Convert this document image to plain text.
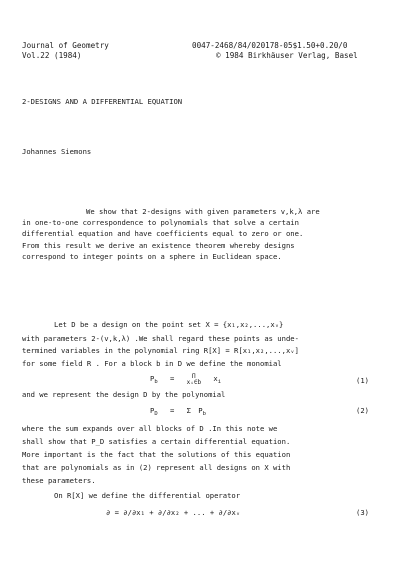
Journal of Geometry
Vol.22 (1984)
0047-2468/84/020178-05$1.50+0.20/0
© 1984 Birkhäuser Verlag, Basel
2-DESIGNS AND A DIFFERENTIAL EQUATION
Johannes Siemons
We show that 2-designs with given parameters v,k,λ are
in one-to-one correspondence to polynomials that solve a certain
differential equation and have coefficients equal to zero or one.
From this result we derive an existence theorem whereby designs
correspond to integer points on a sphere in Euclidean space.
Let D be a design on the point set X = {x₁,x₂,...,xᵥ}
with parameters 2-(v,k,λ) .We shall regard these points as unde-
termined variables in the polynomial ring R[X] = R[x₁,x₂,...,xᵥ]
for some field R . For a block b in D we define the monomial
$P_b$ =	Π
xᵢ∈b $x_i$	(1)
and we represent the design D by the polynomial
$P_D = \Sigma$ $P_b$	(2)
where the sum expands over all blocks of D .In this note we
shall show that P_D satisfies a certain differential equation.
More important is the fact that the solutions of this equation
that are polynomials as in (2) represent all designs on X with
these parameters.
On R[X] we define the differential operator
∂ = ∂/∂x₁ + ∂/∂x₂ + ... + ∂/∂xᵥ	(3)
